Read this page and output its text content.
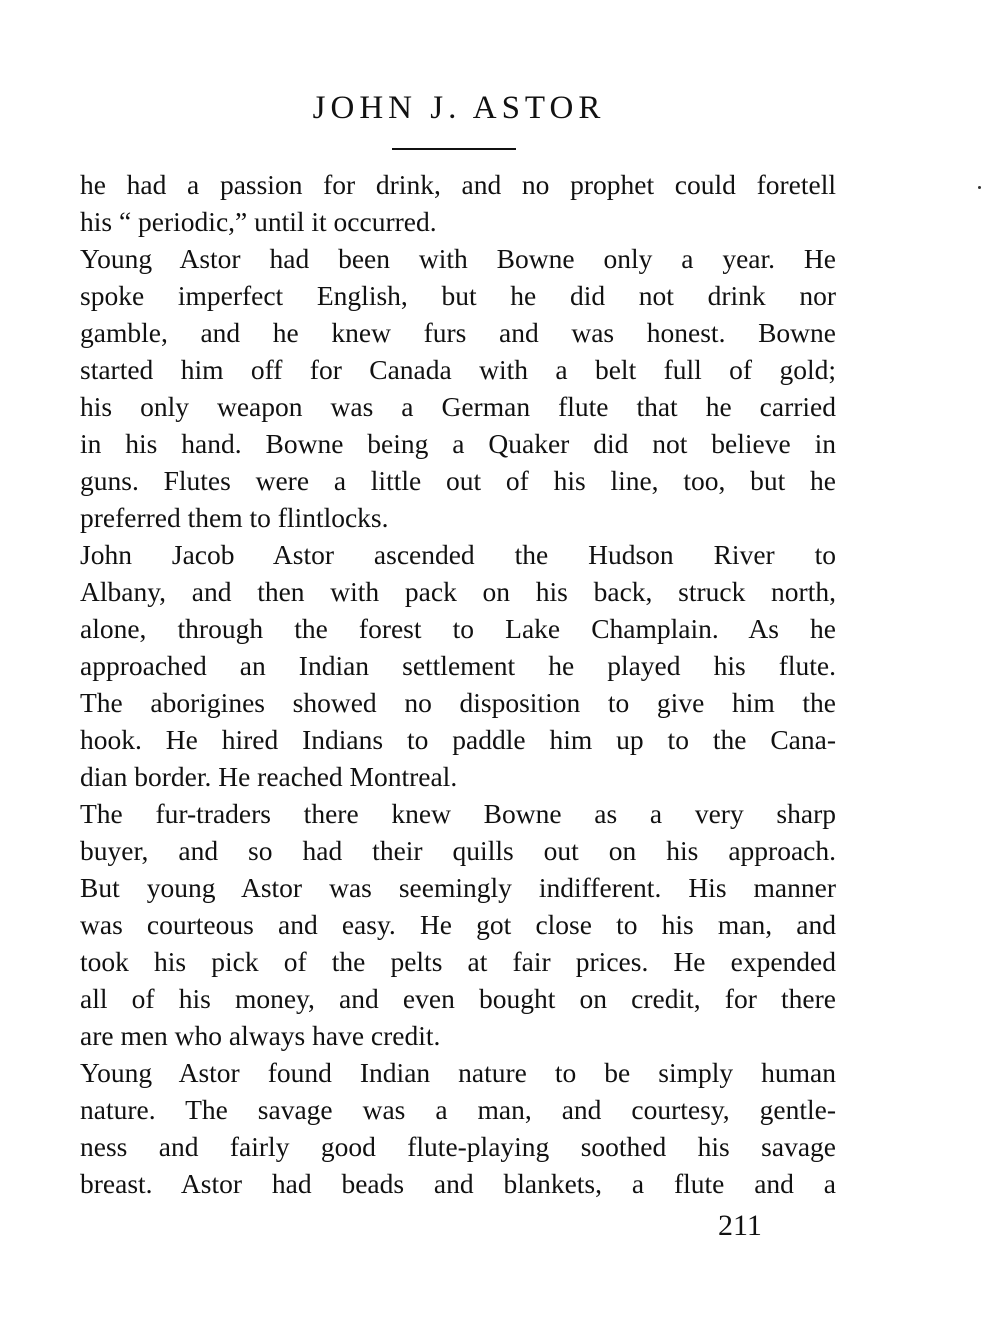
JOHN J. ASTOR

he had a passion for drink, and no prophet could foretell
his “ periodic,” until it occurred.

Young Astor had been with Bowne only a year. He
spoke imperfect English, but he did not drink nor
gamble, and he knew furs and was honest. Bowne
started him off for Canada with a belt full of gold;
his only weapon was a German flute that he carried
in his hand. Bowne being a Quaker did not believe in
guns. Flutes were a little out of his line, too, but he
preferred them to flintlocks.

John Jacob Astor ascended the Hudson River to
Albany, and then with pack on his back, struck north,
alone, through the forest to Lake Champlain. As he
approached an Indian settlement he played his flute.
The aborigines showed no disposition to give him the
hook. He hired Indians to paddle him up to the Cana-
dian border. He reached Montreal.

The fur-traders there knew Bowne as a very sharp
buyer, and so had their quills out on his approach.
But young Astor was seemingly indifferent. His manner
was courteous and easy. He got close to his man, and
took his pick of the pelts at fair prices. He expended
all of his money, and even bought on credit, for there
are men who always have credit.

Young Astor found Indian nature to be simply human
nature. The savage was a man, and courtesy, gentle-
ness and fairly good flute-playing soothed his savage
breast. Astor had beads and blankets, a flute and a

211
